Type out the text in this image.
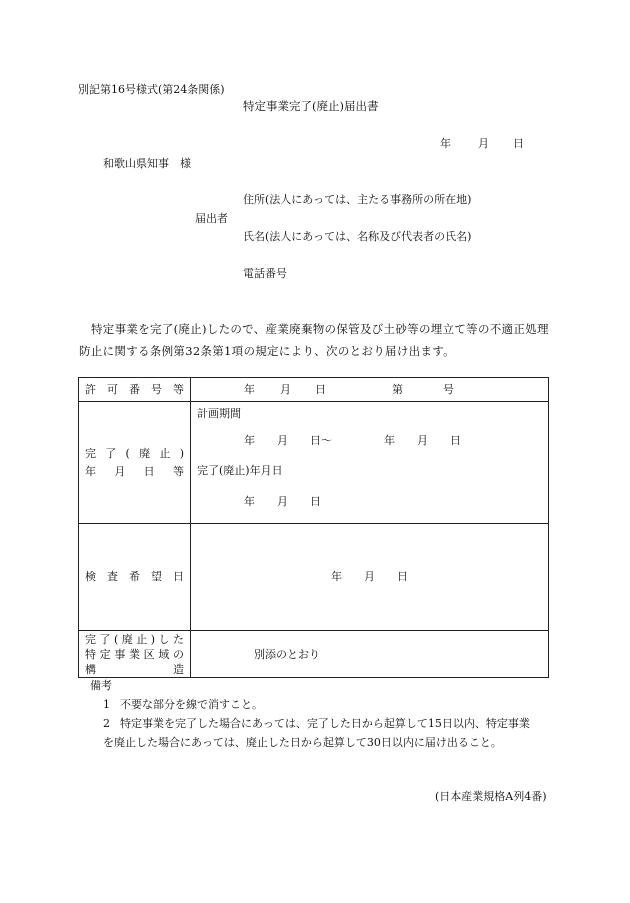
別記第16号様式(第24条関係)
特定事業完了(廃止)届出書
年 月 日
和歌山県知事　様
住所(法人にあっては、主たる事務所の所在地)
届出者
氏名(法人にあっては、名称及び代表者の氏名)
電話番号
特定事業を完了(廃止)したので、産業廃棄物の保管及び土砂等の埋立て等の不適正処理
防止に関する条例第32条第1項の規定により、次のとおり届け出ます。
許可番号等	年 月 日 第 号

完了(廃止)
年月日等	計画期間
年　　月　　日～ 年　　月　　日
完了(廃止)年月日
年　　月　　日

検査希望日	年　　月　　日

完了(廃止)した
特定事業区域の
構造	別添のとおり
備考
1 不要な部分を線で消すこと。
2 特定事業を完了した場合にあっては、完了した日から起算して15日以内、特定事業
を廃止した場合にあっては、廃止した日から起算して30日以内に届け出ること。
(日本産業規格A列4番)
